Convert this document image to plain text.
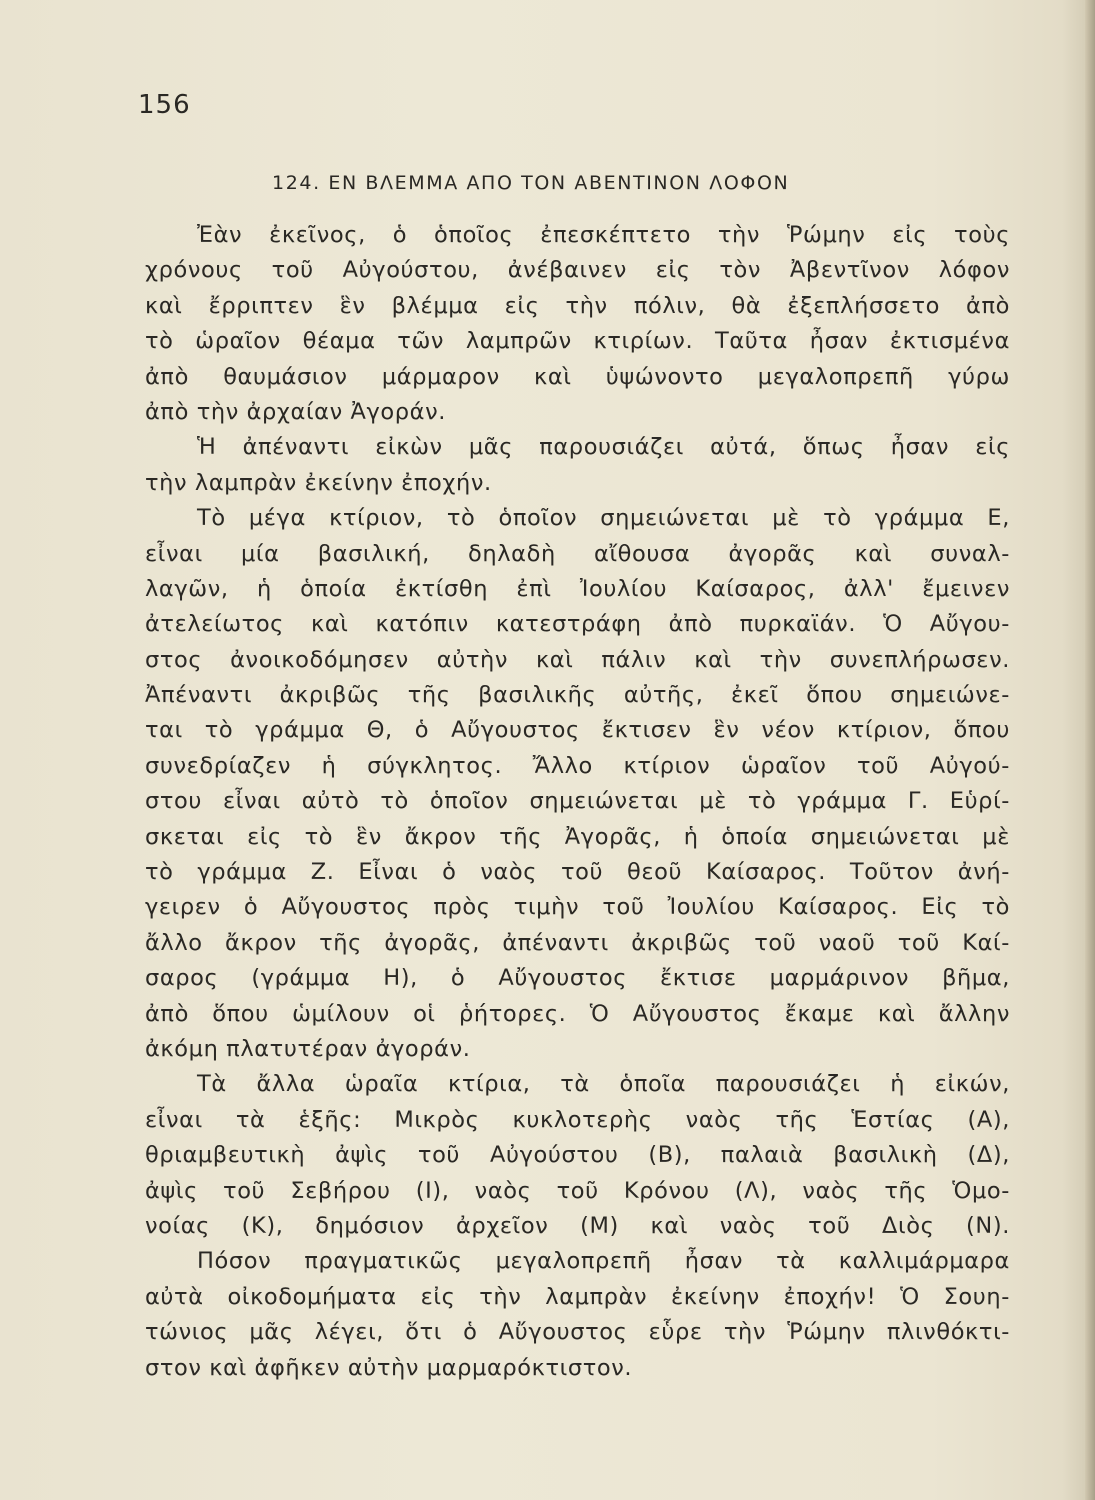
156
124. ΕΝ ΒΛΕΜΜΑ ΑΠΟ ΤΟΝ ΑΒΕΝΤΙΝΟΝ ΛΟΦΟΝ
Ἐὰν ἐκεῖνος, ὁ ὁποῖος ἐπεσκέπτετο τὴν Ῥώμην εἰς τοὺς
χρόνους τοῦ Αὐγούστου, ἀνέβαινεν εἰς τὸν Ἀβεντῖνον λόφον
καὶ ἔρριπτεν ἓν βλέμμα εἰς τὴν πόλιν, θὰ ἐξεπλήσσετο ἀπὸ
τὸ ὡραῖον θέαμα τῶν λαμπρῶν κτιρίων. Ταῦτα ἦσαν ἐκτισμένα
ἀπὸ θαυμάσιον μάρμαρον καὶ ὑψώνοντο μεγαλοπρεπῆ γύρω
ἀπὸ τὴν ἀρχαίαν Ἀγοράν.
Ἡ ἀπέναντι εἰκὼν μᾶς παρουσιάζει αὐτά, ὅπως ἦσαν εἰς
τὴν λαμπρὰν ἐκείνην ἐποχήν.
Τὸ μέγα κτίριον, τὸ ὁποῖον σημειώνεται μὲ τὸ γράμμα Ε,
εἶναι μία βασιλική, δηλαδὴ αἴθουσα ἀγορᾶς καὶ συναλ-
λαγῶν, ἡ ὁποία ἐκτίσθη ἐπὶ Ἰουλίου Καίσαρος, ἀλλ' ἔμεινεν
ἀτελείωτος καὶ κατόπιν κατεστράφη ἀπὸ πυρκαϊάν. Ὁ Αὔγου-
στος ἀνοικοδόμησεν αὐτὴν καὶ πάλιν καὶ τὴν συνεπλήρωσεν.
Ἀπέναντι ἀκριβῶς τῆς βασιλικῆς αὐτῆς, ἐκεῖ ὅπου σημειώνε-
ται τὸ γράμμα Θ, ὁ Αὔγουστος ἔκτισεν ἓν νέον κτίριον, ὅπου
συνεδρίαζεν ἡ σύγκλητος. Ἄλλο κτίριον ὡραῖον τοῦ Αὐγού-
στου εἶναι αὐτὸ τὸ ὁποῖον σημειώνεται μὲ τὸ γράμμα Γ. Εὑρί-
σκεται εἰς τὸ ἓν ἄκρον τῆς Ἀγορᾶς, ἡ ὁποία σημειώνεται μὲ
τὸ γράμμα Ζ. Εἶναι ὁ ναὸς τοῦ θεοῦ Καίσαρος. Τοῦτον ἀνή-
γειρεν ὁ Αὔγουστος πρὸς τιμὴν τοῦ Ἰουλίου Καίσαρος. Εἰς τὸ
ἄλλο ἄκρον τῆς ἀγορᾶς, ἀπέναντι ἀκριβῶς τοῦ ναοῦ τοῦ Καί-
σαρος (γράμμα Η), ὁ Αὔγουστος ἔκτισε μαρμάρινον βῆμα,
ἀπὸ ὅπου ὡμίλουν οἱ ῥήτορες. Ὁ Αὔγουστος ἔκαμε καὶ ἄλλην
ἀκόμη πλατυτέραν ἀγοράν.
Τὰ ἄλλα ὡραῖα κτίρια, τὰ ὁποῖα παρουσιάζει ἡ εἰκών,
εἶναι τὰ ἑξῆς: Μικρὸς κυκλοτερὴς ναὸς τῆς Ἑστίας (Α),
θριαμβευτικὴ ἀψὶς τοῦ Αὐγούστου (Β), παλαιὰ βασιλικὴ (Δ),
ἀψὶς τοῦ Σεβήρου (Ι), ναὸς τοῦ Κρόνου (Λ), ναὸς τῆς Ὁμο-
νοίας (Κ), δημόσιον ἀρχεῖον (Μ) καὶ ναὸς τοῦ Διὸς (Ν).
Πόσον πραγματικῶς μεγαλοπρεπῆ ἦσαν τὰ καλλιμάρμαρα
αὐτὰ οἰκοδομήματα εἰς τὴν λαμπρὰν ἐκείνην ἐποχήν! Ὁ Σουη-
τώνιος μᾶς λέγει, ὅτι ὁ Αὔγουστος εὗρε τὴν Ῥώμην πλινθόκτι-
στον καὶ ἀφῆκεν αὐτὴν μαρμαρόκτιστον.
